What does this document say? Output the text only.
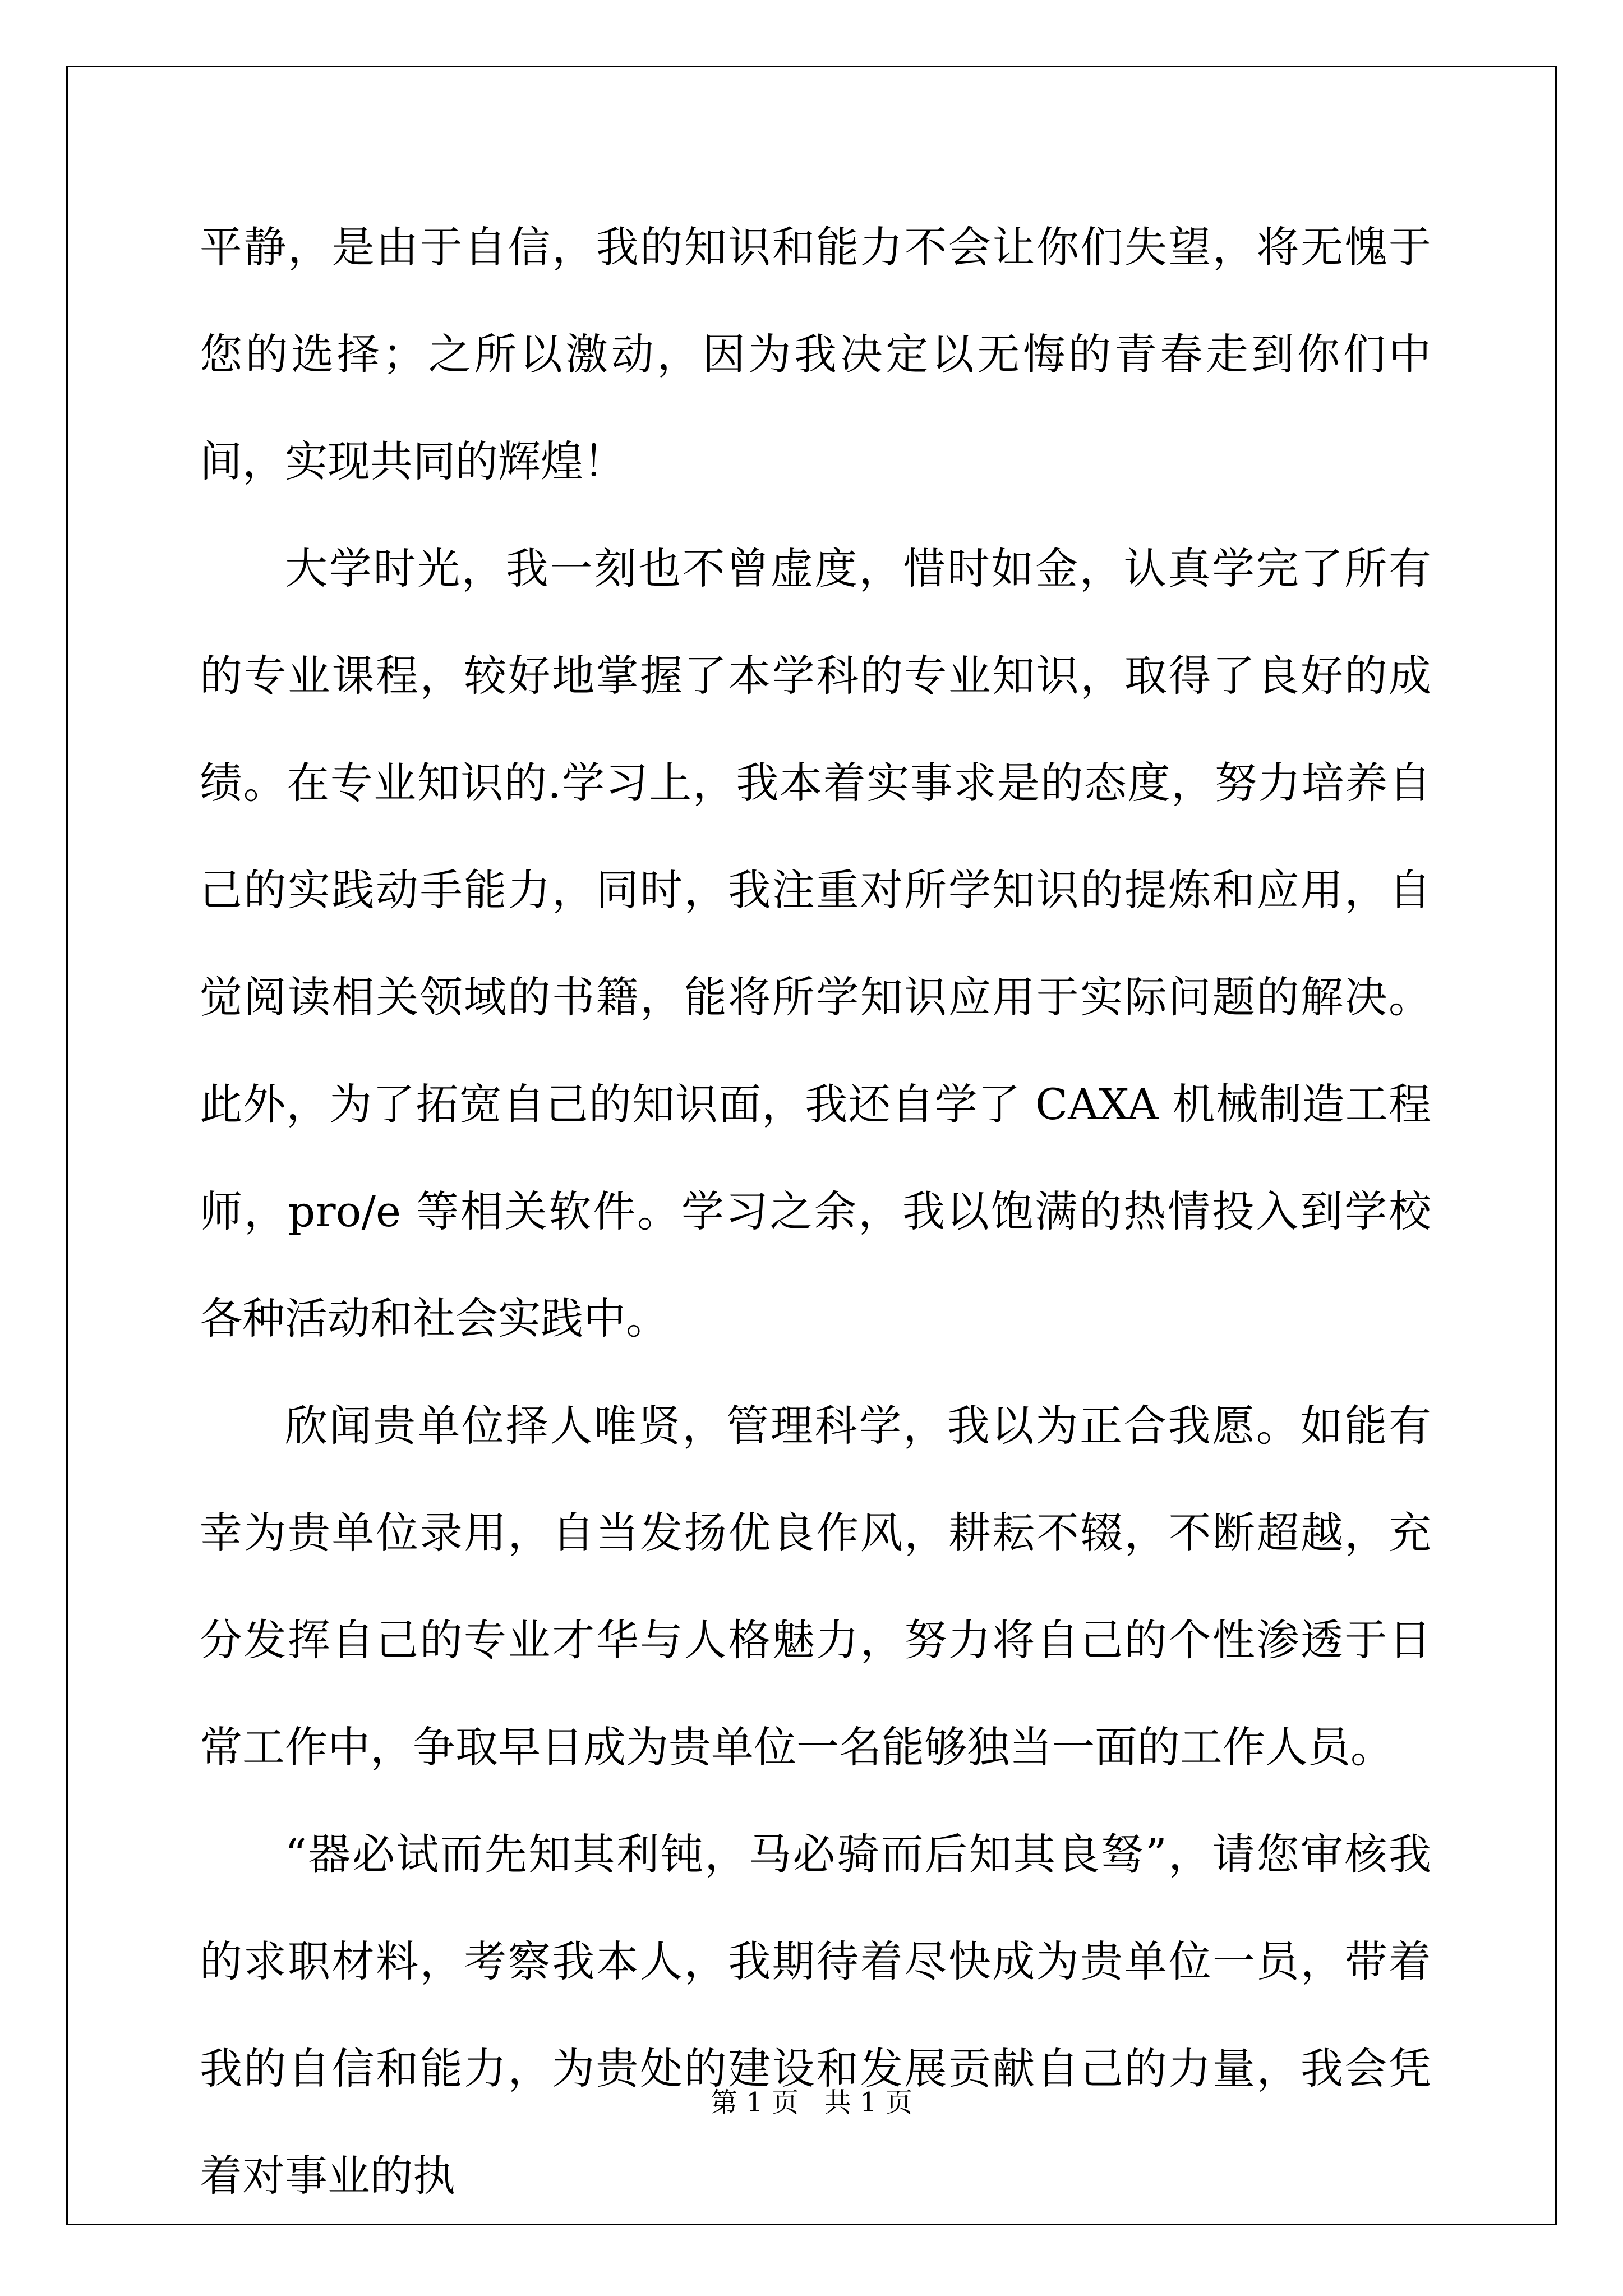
平静，是由于自信，我的知识和能力不会让你们失望，将无愧于您的选择；之所以激动，因为我决定以无悔的青春走到你们中间，实现共同的辉煌！

大学时光，我一刻也不曾虚度，惜时如金，认真学完了所有的专业课程，较好地掌握了本学科的专业知识，取得了良好的成绩。在专业知识的.学习上，我本着实事求是的态度，努力培养自己的实践动手能力，同时，我注重对所学知识的提炼和应用，自觉阅读相关领域的书籍，能将所学知识应用于实际问题的解决。此外，为了拓宽自己的知识面，我还自学了 CAXA 机械制造工程师，pro/e 等相关软件。学习之余，我以饱满的热情投入到学校各种活动和社会实践中。

欣闻贵单位择人唯贤，管理科学，我以为正合我愿。如能有幸为贵单位录用，自当发扬优良作风，耕耘不辍，不断超越，充分发挥自己的专业才华与人格魅力，努力将自己的个性渗透于日常工作中，争取早日成为贵单位一名能够独当一面的工作人员。

“器必试而先知其利钝，马必骑而后知其良驽”，请您审核我的求职材料，考察我本人，我期待着尽快成为贵单位一员，带着我的自信和能力，为贵处的建设和发展贡献自己的力量，我会凭着对事业的执

第 1 页 共 1 页
